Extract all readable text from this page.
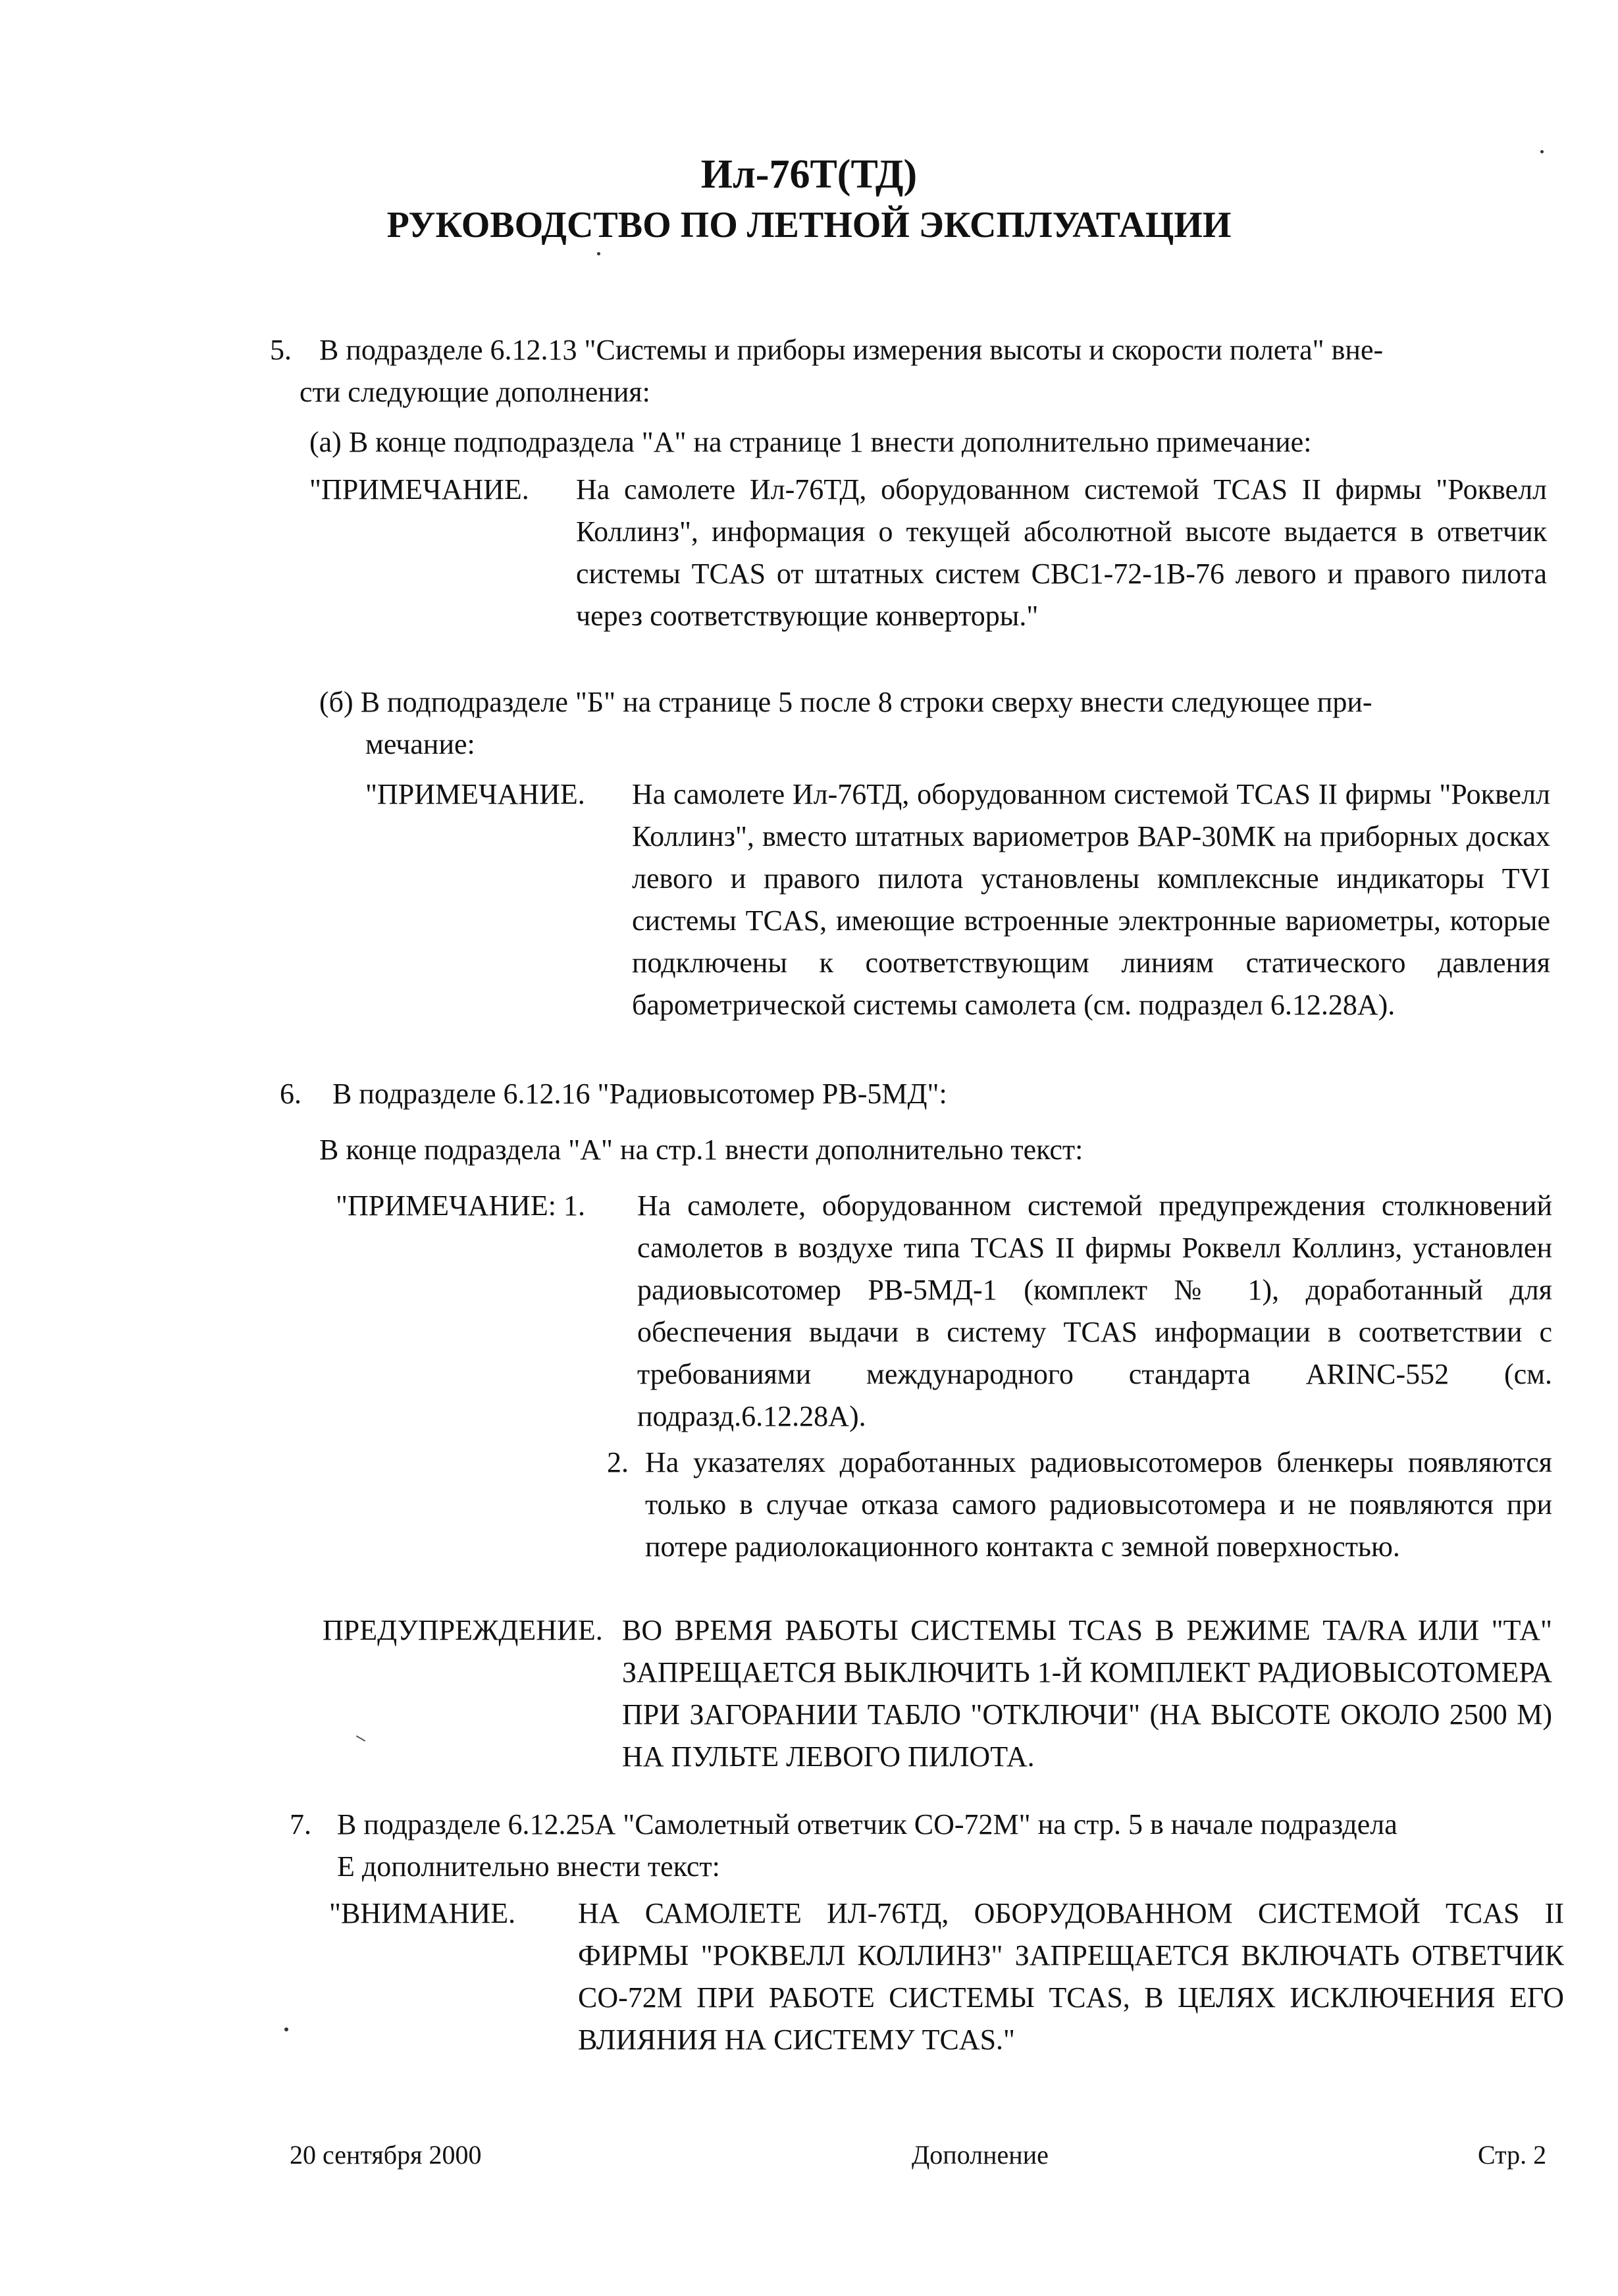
Ил-76Т(ТД)
РУКОВОДСТВО ПО ЛЕТНОЙ ЭКСПЛУАТАЦИИ
5. В подразделе 6.12.13 "Системы и приборы измерения высоты и скорости полета" вне-
сти следующие дополнения:
(а) В конце подподраздела "А" на странице 1 внести дополнительно примечание:
"ПРИМЕЧАНИЕ. На самолете Ил-76ТД, оборудованном системой TCAS II фирмы "Роквелл Коллинз", информация о текущей абсолютной высоте выдается в ответчик системы TCAS от штатных систем СВС1-72-1В-76 левого и правого пилота через соответствующие конверторы."
(б) В подподразделе "Б" на странице 5 после 8 строки сверху внести следующее при-
мечание:
"ПРИМЕЧАНИЕ. На самолете Ил-76ТД, оборудованном системой TCAS II фирмы "Роквелл Коллинз", вместо штатных вариометров ВАР-30МК на приборных досках левого и правого пилота установлены комплексные индикаторы TVI системы TCAS, имеющие встроенные электронные вариометры, которые подключены к соответствующим линиям статического давления барометрической системы самолета (см. подраздел 6.12.28А).
6. В подразделе 6.12.16 "Радиовысотомер РВ-5МД":
В конце подраздела "А" на стр.1 внести дополнительно текст:
"ПРИМЕЧАНИЕ: 1. На самолете, оборудованном системой предупреждения столкновений самолетов в воздухе типа TCAS II фирмы Роквелл Коллинз, установлен радиовысотомер РВ-5МД-1 (комплект № 1), доработанный для обеспечения выдачи в систему TCAS информации в соответствии с требованиями международного стандарта ARINC-552 (см. подразд.6.12.28А).
2. На указателях доработанных радиовысотомеров бленкеры появляются только в случае отказа самого радиовысотомера и не появляются при потере радиолокационного контакта с земной поверхностью.
ПРЕДУПРЕЖДЕНИЕ. ВО ВРЕМЯ РАБОТЫ СИСТЕМЫ TCAS В РЕЖИМЕ TA/RA ИЛИ "ТА" ЗАПРЕЩАЕТСЯ ВЫКЛЮЧИТЬ 1-Й КОМПЛЕКТ РАДИОВЫСОТОМЕРА ПРИ ЗАГОРАНИИ ТАБЛО "ОТКЛЮЧИ" (НА ВЫСОТЕ ОКОЛО 2500 М) НА ПУЛЬТЕ ЛЕВОГО ПИЛОТА.
7. В подразделе 6.12.25А "Самолетный ответчик СО-72М" на стр. 5 в начале подраздела
Е дополнительно внести текст:
"ВНИМАНИЕ. НА САМОЛЕТЕ ИЛ-76ТД, ОБОРУДОВАННОМ СИСТЕМОЙ TCAS II ФИРМЫ "РОКВЕЛЛ КОЛЛИНЗ" ЗАПРЕЩАЕТСЯ ВКЛЮЧАТЬ ОТВЕТЧИК СО-72М ПРИ РАБОТЕ СИСТЕМЫ TCAS, В ЦЕЛЯХ ИСКЛЮЧЕНИЯ ЕГО ВЛИЯНИЯ НА СИСТЕМУ TCAS."
20 сентября 2000	Дополнение	Стр. 2
